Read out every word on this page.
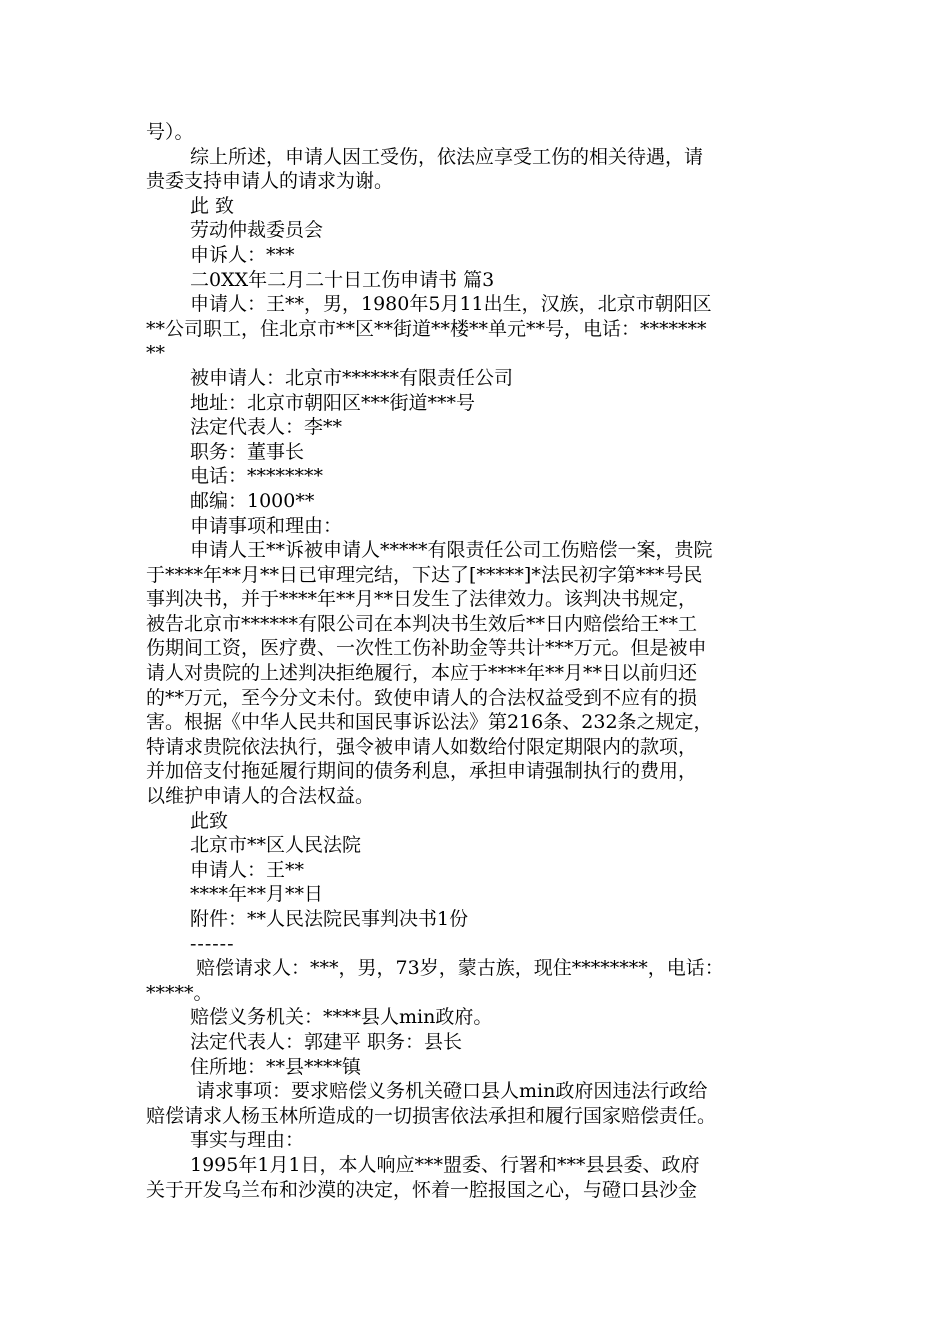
号）。
综上所述，申请人因工受伤，依法应享受工伤的相关待遇，请
贵委支持申请人的请求为谢。
此 致
劳动仲裁委员会
申诉人：***
二0XX年二月二十日工伤申请书 篇3
申请人：王**，男，1980年5月11出生，汉族，北京市朝阳区
**公司职工，住北京市**区**街道**楼**单元**号，电话：*******
**
被申请人：北京市******有限责任公司
地址：北京市朝阳区***街道***号
法定代表人：李**
职务：董事长
电话：********
邮编：1000**
申请事项和理由：
申请人王**诉被申请人*****有限责任公司工伤赔偿一案，贵院
于****年**月**日已审理完结，下达了[*****]*法民初字第***号民
事判决书，并于****年**月**日发生了法律效力。该判决书规定，
被告北京市******有限公司在本判决书生效后**日内赔偿给王**工
伤期间工资，医疗费、一次性工伤补助金等共计***万元。但是被申
请人对贵院的上述判决拒绝履行，本应于****年**月**日以前归还
的**万元，至今分文未付。致使申请人的合法权益受到不应有的损
害。根据《中华人民共和国民事诉讼法》第216条、232条之规定，
特请求贵院依法执行，强令被申请人如数给付限定期限内的款项，
并加倍支付拖延履行期间的债务利息，承担申请强制执行的费用，
以维护申请人的合法权益。
此致
北京市**区人民法院
申请人：王**
****年**月**日
附件：**人民法院民事判决书1份
------
赔偿请求人：***，男，73岁，蒙古族，现住********，电话：
*****。
赔偿义务机关：****县人min政府。
法定代表人：郭建平 职务：县长
住所地：**县****镇
请求事项：要求赔偿义务机关磴口县人min政府因违法行政给
赔偿请求人杨玉林所造成的一切损害依法承担和履行国家赔偿责任。
事实与理由：
1995年1月1日，本人响应***盟委、行署和***县县委、政府
关于开发乌兰布和沙漠的决定，怀着一腔报国之心，与磴口县沙金
